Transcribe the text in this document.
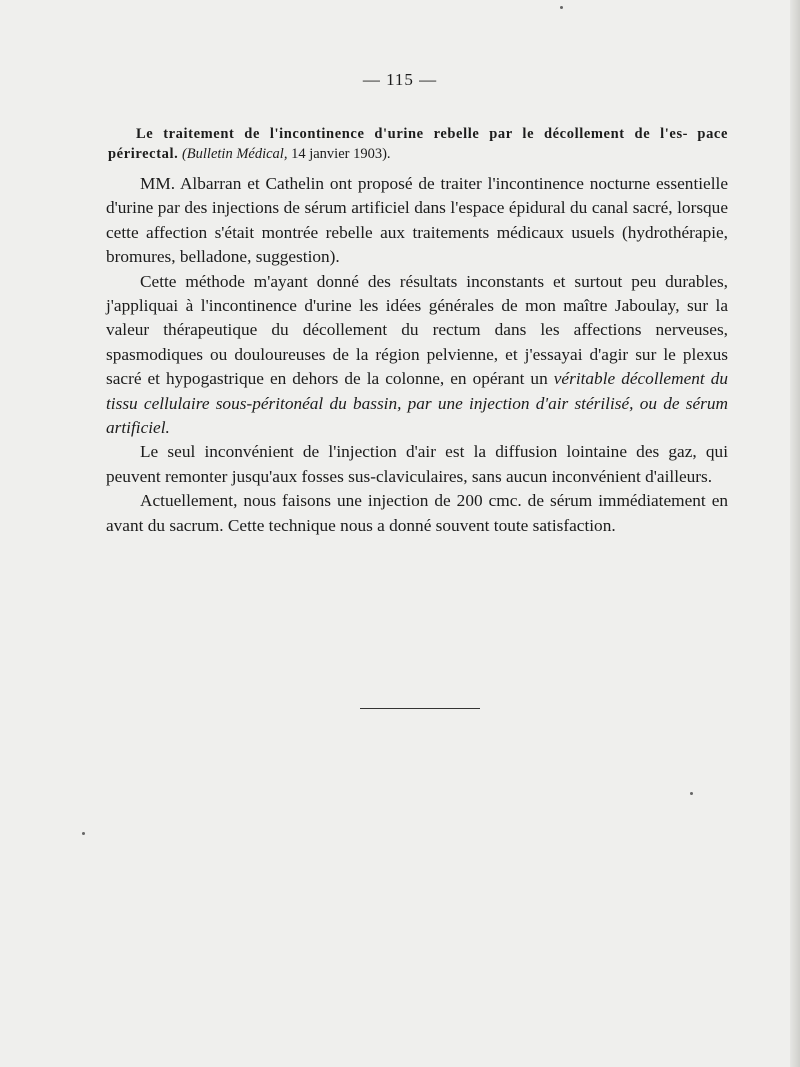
— 115 —
Le traitement de l'incontinence d'urine rebelle par le décollement de l'es- pace périrectal. (Bulletin Médical, 14 janvier 1903).

MM. Albarran et Cathelin ont proposé de traiter l'incontinence nocturne essentielle d'urine par des injections de sérum artificiel dans l'espace épidural du canal sacré, lorsque cette affection s'était montrée rebelle aux traitements médicaux usuels (hydrothérapie, bromures, belladone, suggestion).

Cette méthode m'ayant donné des résultats inconstants et surtout peu durables, j'appliquai à l'incontinence d'urine les idées générales de mon maître Jaboulay, sur la valeur thérapeutique du décollement du rectum dans les affections nerveuses, spasmodiques ou douloureuses de la région pelvienne, et j'essayai d'agir sur le plexus sacré et hypogastrique en dehors de la colonne, en opérant un véritable décollement du tissu cellulaire sous-péritonéal du bassin, par une injection d'air stérilisé, ou de sérum artificiel.

Le seul inconvénient de l'injection d'air est la diffusion lointaine des gaz, qui peuvent remonter jusqu'aux fosses sus-claviculaires, sans aucun inconvénient d'ailleurs.

Actuellement, nous faisons une injection de 200 cmc. de sérum immédiatement en avant du sacrum. Cette technique nous a donné souvent toute satisfaction.
